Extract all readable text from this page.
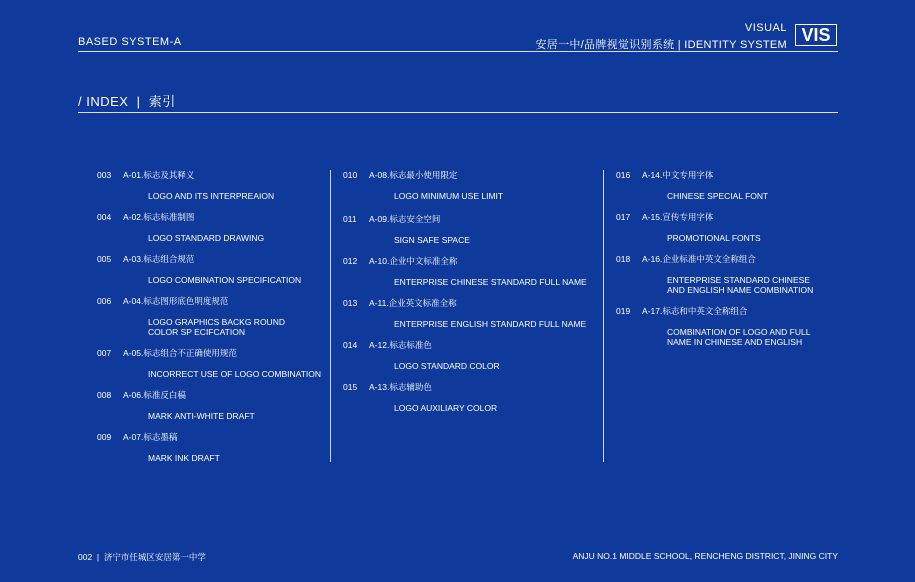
BASED SYSTEM-A
VISUAL
安居一中/品牌视觉识别系统 | IDENTITY SYSTEM VIS
/ INDEX  |  索引
003 A-01.标志及其释义
LOGO AND ITS INTERPREAION
004 A-02.标志标准制图
LOGO STANDARD DRAWING
005 A-03.标志组合规范
LOGO COMBINATION SPECIFICATION
006 A-04.标志图形底色明度规范
LOGO GRAPHICS BACKG ROUND
COLOR SP ECIFCATION
007 A-05.标志组合不正确使用规范
INCORRECT USE OF LOGO COMBINATION
008 A-06.标准反白稿
MARK ANTI-WHITE DRAFT
009 A-07.标志墨稿
MARK INK DRAFT
010 A-08.标志最小使用限定
LOGO MINIMUM USE LIMIT
011 A-09.标志安全空间
SIGN SAFE SPACE
012 A-10.企业中文标准全称
ENTERPRISE CHINESE STANDARD FULL NAME
013 A-11.企业英文标准全称
ENTERPRISE ENGLISH STANDARD FULL NAME
014 A-12.标志标准色
LOGO STANDARD COLOR
015 A-13.标志辅助色
LOGO AUXILIARY COLOR
016 A-14.中文专用字体
CHINESE SPECIAL FONT
017 A-15.宣传专用字体
PROMOTIONAL FONTS
018 A-16.企业标准中英文全称组合
ENTERPRISE STANDARD CHINESE
AND ENGLISH NAME COMBINATION
019 A-17.标志和中英文全称组合
COMBINATION OF LOGO AND FULL
NAME IN CHINESE AND ENGLISH
002  |  济宁市任城区安居第一中学	ANJU NO.1 MIDDLE SCHOOL, RENCHENG DISTRICT, JINING CITY
